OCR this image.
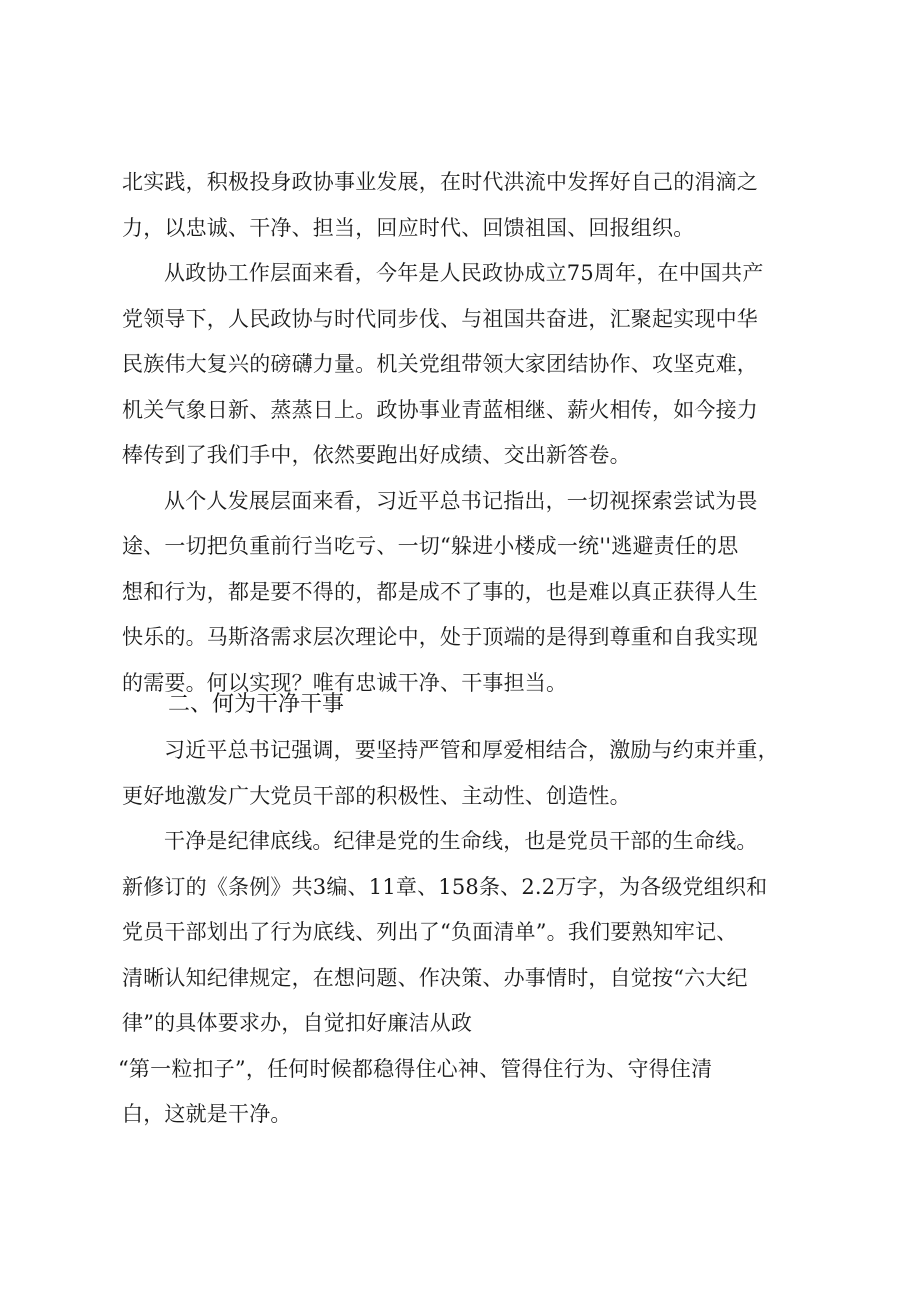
北实践，积极投身政协事业发展，在时代洪流中发挥好自己的涓滴之
力，以忠诚、干净、担当，回应时代、回馈祖国、回报组织。

从政协工作层面来看，今年是人民政协成立75周年，在中国共产
党领导下，人民政协与时代同步伐、与祖国共奋进，汇聚起实现中华
民族伟大复兴的磅礴力量。机关党组带领大家团结协作、攻坚克难，
机关气象日新、蒸蒸日上。政协事业青蓝相继、薪火相传，如今接力
棒传到了我们手中，依然要跑出好成绩、交出新答卷。

从个人发展层面来看，习近平总书记指出，一切视探索尝试为畏
途、一切把负重前行当吃亏、一切“躲进小楼成一统''逃避责任的思
想和行为，都是要不得的，都是成不了事的，也是难以真正获得人生
快乐的。马斯洛需求层次理论中，处于顶端的是得到尊重和自我实现
的需要。何以实现？唯有忠诚干净、干事担当。

二、何为干净干事

习近平总书记强调，要坚持严管和厚爱相结合，激励与约束并重，
更好地激发广大党员干部的积极性、主动性、创造性。

干净是纪律底线。纪律是党的生命线，也是党员干部的生命线。
新修订的《条例》共3编、11章、158条、2.2万字，为各级党组织和
党员干部划出了行为底线、列出了“负面清单”。我们要熟知牢记、
清晰认知纪律规定，在想问题、作决策、办事情时，自觉按“六大纪
律”的具体要求办，自觉扣好廉洁从政
“第一粒扣子”，任何时候都稳得住心神、管得住行为、守得住清
白，这就是干净。
